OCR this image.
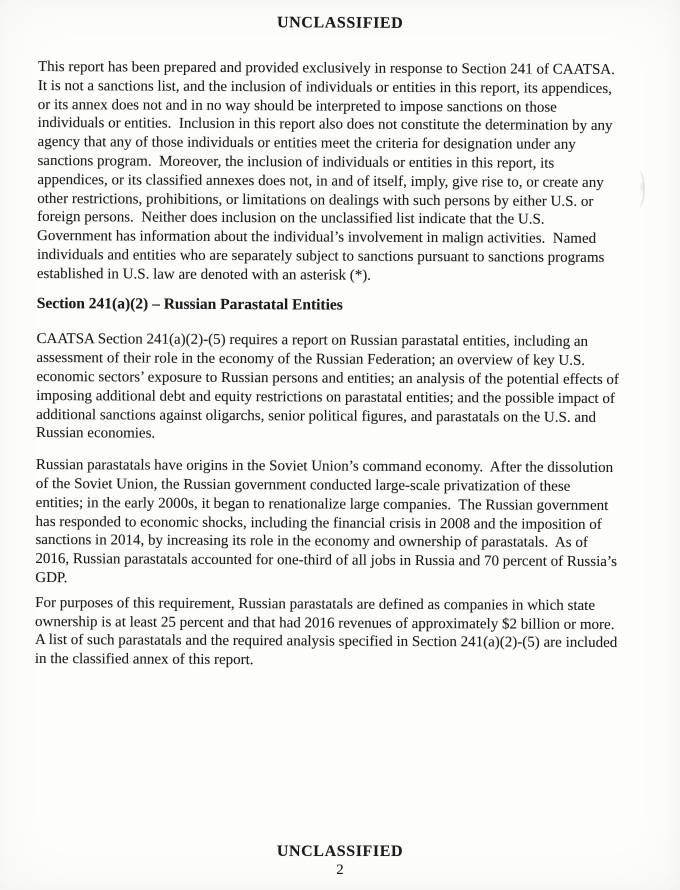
UNCLASSIFIED

This report has been prepared and provided exclusively in response to Section 241 of CAATSA.
It is not a sanctions list, and the inclusion of individuals or entities in this report, its appendices,
or its annex does not and in no way should be interpreted to impose sanctions on those
individuals or entities.  Inclusion in this report also does not constitute the determination by any
agency that any of those individuals or entities meet the criteria for designation under any
sanctions program.  Moreover, the inclusion of individuals or entities in this report, its
appendices, or its classified annexes does not, in and of itself, imply, give rise to, or create any
other restrictions, prohibitions, or limitations on dealings with such persons by either U.S. or
foreign persons.  Neither does inclusion on the unclassified list indicate that the U.S.
Government has information about the individual’s involvement in malign activities.  Named
individuals and entities who are separately subject to sanctions pursuant to sanctions programs
established in U.S. law are denoted with an asterisk (*).

Section 241(a)(2) – Russian Parastatal Entities

CAATSA Section 241(a)(2)-(5) requires a report on Russian parastatal entities, including an
assessment of their role in the economy of the Russian Federation; an overview of key U.S.
economic sectors’ exposure to Russian persons and entities; an analysis of the potential effects of
imposing additional debt and equity restrictions on parastatal entities; and the possible impact of
additional sanctions against oligarchs, senior political figures, and parastatals on the U.S. and
Russian economies.

Russian parastatals have origins in the Soviet Union’s command economy.  After the dissolution
of the Soviet Union, the Russian government conducted large-scale privatization of these
entities; in the early 2000s, it began to renationalize large companies.  The Russian government
has responded to economic shocks, including the financial crisis in 2008 and the imposition of
sanctions in 2014, by increasing its role in the economy and ownership of parastatals.  As of
2016, Russian parastatals accounted for one-third of all jobs in Russia and 70 percent of Russia’s
GDP.

For purposes of this requirement, Russian parastatals are defined as companies in which state
ownership is at least 25 percent and that had 2016 revenues of approximately $2 billion or more.
A list of such parastatals and the required analysis specified in Section 241(a)(2)-(5) are included
in the classified annex of this report.

UNCLASSIFIED
2
